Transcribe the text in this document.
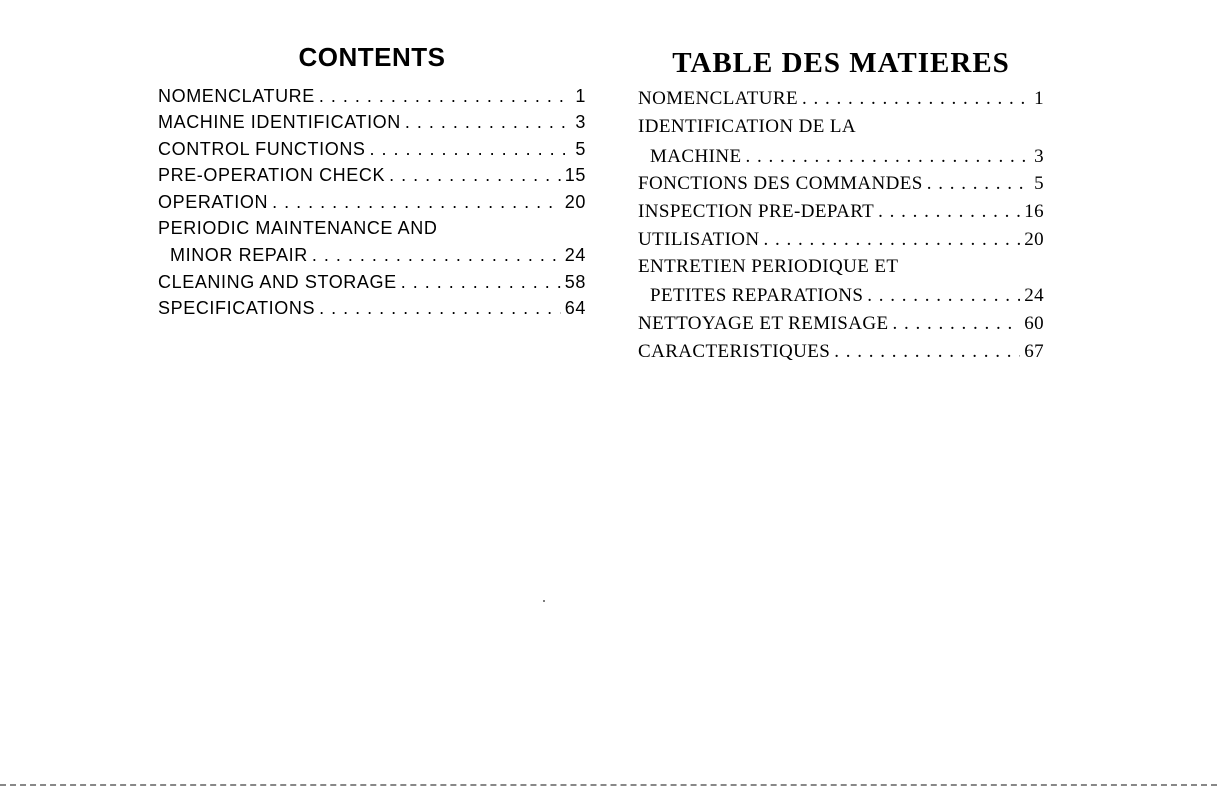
CONTENTS
NOMENCLATURE . . .	1
MACHINE IDENTIFICATION . . .	3
CONTROL FUNCTIONS . . .	5
PRE-OPERATION CHECK . . .	15
OPERATION . . .	20
PERIODIC MAINTENANCE AND
MINOR REPAIR . . .	24
CLEANING AND STORAGE . . .	58
SPECIFICATIONS . . .	64
TABLE DES MATIERES
NOMENCLATURE . . .	1
IDENTIFICATION DE LA
MACHINE . . .	3
FONCTIONS DES COMMANDES . . .	5
INSPECTION PRE-DEPART . . .	16
UTILISATION . . .	20
ENTRETIEN PERIODIQUE ET
PETITES REPARATIONS . . .	24
NETTOYAGE ET REMISAGE . . .	60
CARACTERISTIQUES . . .	67
